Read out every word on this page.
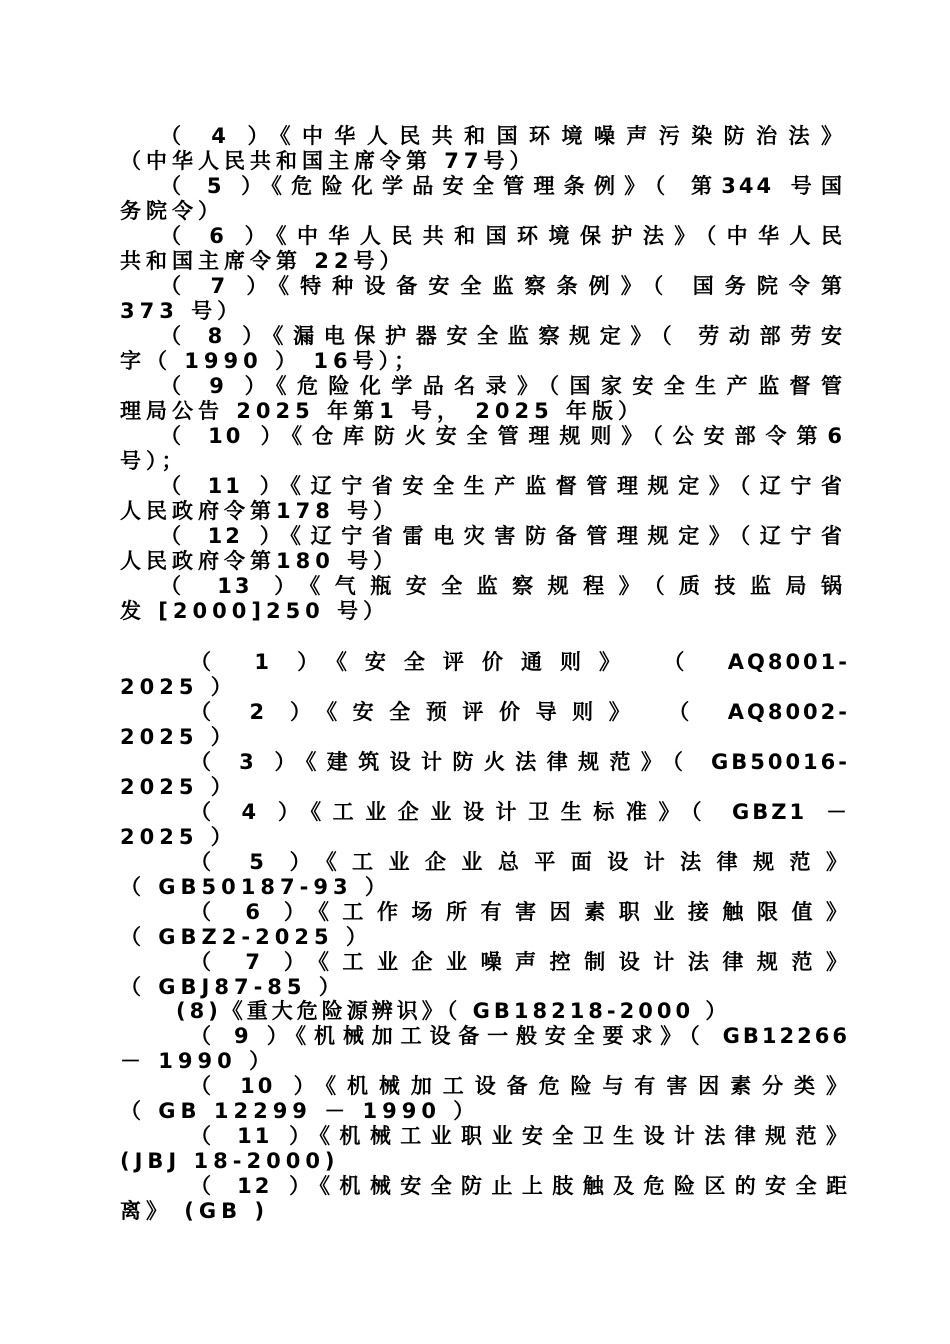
（ 4 ）《中华人民共和国环境噪声污染防治法》
（中华人民共和国主席令第 77号）
（ 5 ）《危险化学品安全管理条例》（ 第344 号国
务院令）
（ 6 ）《中华人民共和国环境保护法》（中华人民
共和国主席令第 22号）
（ 7 ）《特种设备安全监察条例》（ 国务院令第
373 号）
（ 8 ）《漏电保护器安全监察规定》（ 劳动部劳安
字（ 1990 ） 16号）；
（ 9 ）《危险化学品名录》（国家安全生产监督管
理局公告 2025 年第1 号， 2025 年版）
（ 10 ）《仓库防火安全管理规则》（公安部令第6
号）；
（ 11 ）《辽宁省安全生产监督管理规定》（辽宁省
人民政府令第178 号）
（ 12 ）《辽宁省雷电灾害防备管理规定》（辽宁省
人民政府令第180 号）
（ 13 ）《气瓶安全监察规程》（质技监局锅
发 [2000]250 号）
（ 1 ）《安全评价通则》 （ AQ8001-
2025 ）
（ 2 ）《安全预评价导则》 （ AQ8002-
2025 ）
（ 3 ）《建筑设计防火法律规范》（ GB50016-
2025 ）
（ 4 ）《工业企业设计卫生标准》（ GBZ1 －
2025 ）
（ 5 ）《工业企业总平面设计法律规范》
（ GB50187-93 ）
（ 6 ）《工作场所有害因素职业接触限值》
（ GBZ2-2025 ）
（ 7 ）《工业企业噪声控制设计法律规范》
（ GBJ87-85 ）
(8)《重大危险源辨识》（ GB18218-2000 ）
（ 9 ）《机械加工设备一般安全要求》（ GB12266
－ 1990 ）
（ 10 ）《机械加工设备危险与有害因素分类》
（ GB 12299 － 1990 ）
（ 11 ）《机械工业职业安全卫生设计法律规范》
(JBJ 18-2000)
（ 12 ）《机械安全防止上肢触及危险区的安全距
离》 (GB )
